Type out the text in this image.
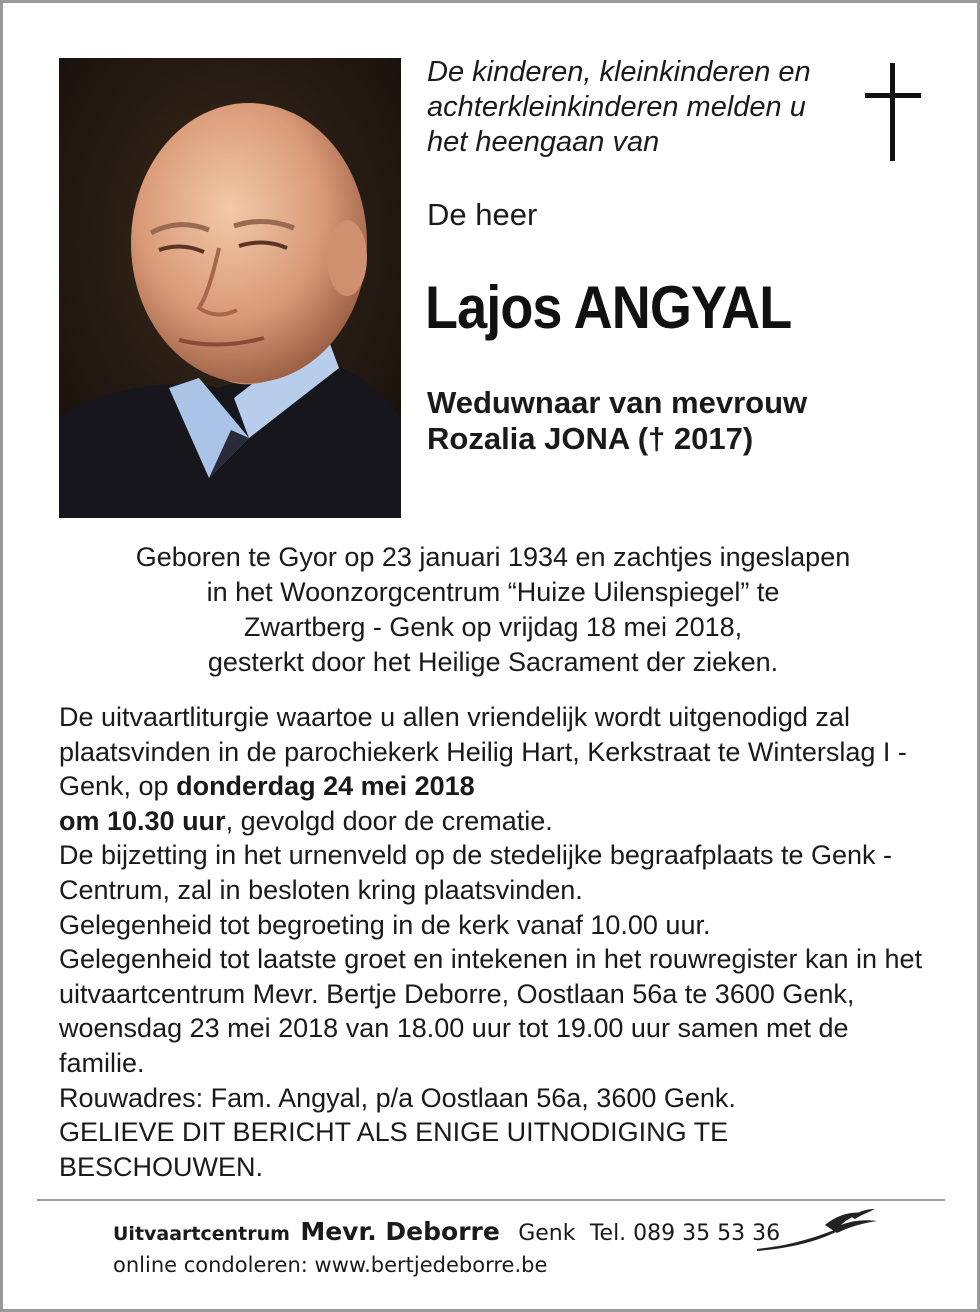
De kinderen, kleinkinderen en achterkleinkinderen melden u het heengaan van
De heer
Lajos ANGYAL
Weduwnaar van mevrouw
Rozalia JONA († 2017)
Geboren te Gyor op 23 januari 1934 en zachtjes ingeslapen
in het Woonzorgcentrum “Huize Uilenspiegel” te
Zwartberg - Genk op vrijdag 18 mei 2018,
gesterkt door het Heilige Sacrament der zieken.

De uitvaartliturgie waartoe u allen vriendelijk wordt uitgenodigd zal plaatsvinden in de parochiekerk Heilig Hart, Kerkstraat te Winterslag I - Genk, op donderdag 24 mei 2018
om 10.30 uur, gevolgd door de crematie.

De bijzetting in het urnenveld op de stedelijke begraafplaats te Genk - Centrum, zal in besloten kring plaatsvinden.

Gelegenheid tot begroeting in de kerk vanaf 10.00 uur.

Gelegenheid tot laatste groet en intekenen in het rouwregister kan in het uitvaartcentrum Mevr. Bertje Deborre, Oostlaan 56a te 3600 Genk, woensdag 23 mei 2018 van 18.00 uur tot 19.00 uur samen met de familie.

Rouwadres: Fam. Angyal, p/a Oostlaan 56a, 3600 Genk.

GELIEVE DIT BERICHT ALS ENIGE UITNODIGING TE BESCHOUWEN.

Uitvaartcentrum Mevr. Deborre Genk Tel. 089 35 53 36
online condoleren: www.bertjedeborre.be
